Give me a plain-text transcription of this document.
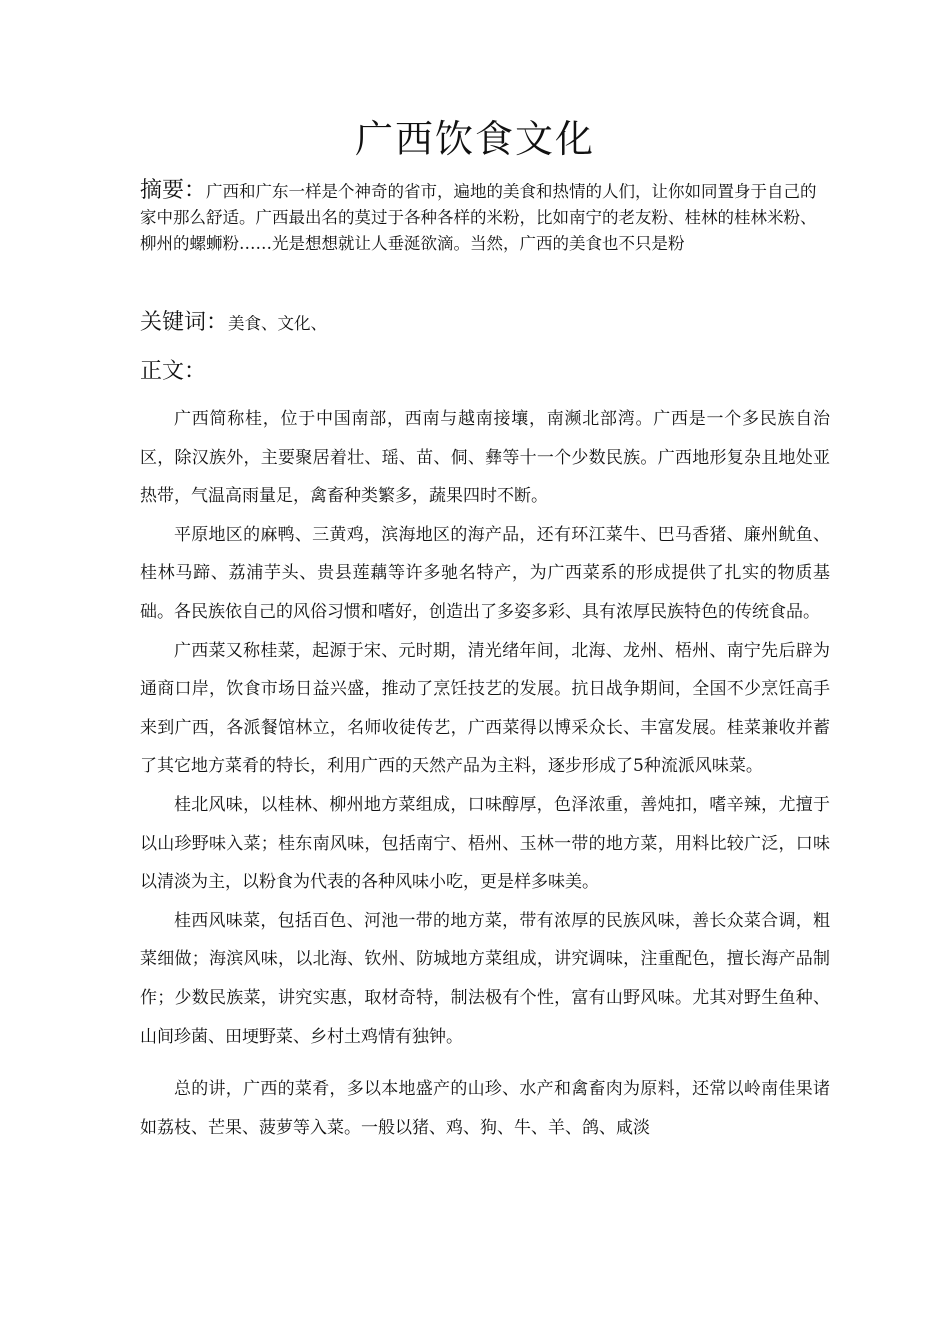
广西饮食文化
摘要：广西和广东一样是个神奇的省市，遍地的美食和热情的人们，让你如同置身于自己的家中那么舒适。广西最出名的莫过于各种各样的米粉，比如南宁的老友粉、桂林的桂林米粉、柳州的螺蛳粉……光是想想就让人垂涎欲滴。当然，广西的美食也不只是粉
关键词：美食、文化、
正文：

广西简称桂，位于中国南部，西南与越南接壤，南濒北部湾。广西是一个多民族自治区，除汉族外，主要聚居着壮、瑶、苗、侗、彝等十一个少数民族。广西地形复杂且地处亚热带，气温高雨量足，禽畜种类繁多，蔬果四时不断。

平原地区的麻鸭、三黄鸡，滨海地区的海产品，还有环江菜牛、巴马香猪、廉州鱿鱼、桂林马蹄、荔浦芋头、贵县莲藕等许多驰名特产，为广西菜系的形成提供了扎实的物质基础。各民族依自己的风俗习惯和嗜好，创造出了多姿多彩、具有浓厚民族特色的传统食品。

广西菜又称桂菜，起源于宋、元时期，清光绪年间，北海、龙州、梧州、南宁先后辟为通商口岸，饮食市场日益兴盛，推动了烹饪技艺的发展。抗日战争期间，全国不少烹饪高手来到广西，各派餐馆林立，名师收徒传艺，广西菜得以博采众长、丰富发展。桂菜兼收并蓄了其它地方菜肴的特长，利用广西的天然产品为主料，逐步形成了5种流派风味菜。

桂北风味，以桂林、柳州地方菜组成，口味醇厚，色泽浓重，善炖扣，嗜辛辣，尤擅于以山珍野味入菜；桂东南风味，包括南宁、梧州、玉林一带的地方菜，用料比较广泛，口味以清淡为主，以粉食为代表的各种风味小吃，更是样多味美。

桂西风味菜，包括百色、河池一带的地方菜，带有浓厚的民族风味，善长众菜合调，粗菜细做；海滨风味，以北海、钦州、防城地方菜组成，讲究调味，注重配色，擅长海产品制作；少数民族菜，讲究实惠，取材奇特，制法极有个性，富有山野风味。尤其对野生鱼种、山间珍菌、田埂野菜、乡村土鸡情有独钟。

总的讲，广西的菜肴，多以本地盛产的山珍、水产和禽畜肉为原料，还常以岭南佳果诸如荔枝、芒果、菠萝等入菜。一般以猪、鸡、狗、牛、羊、鸽、咸淡
